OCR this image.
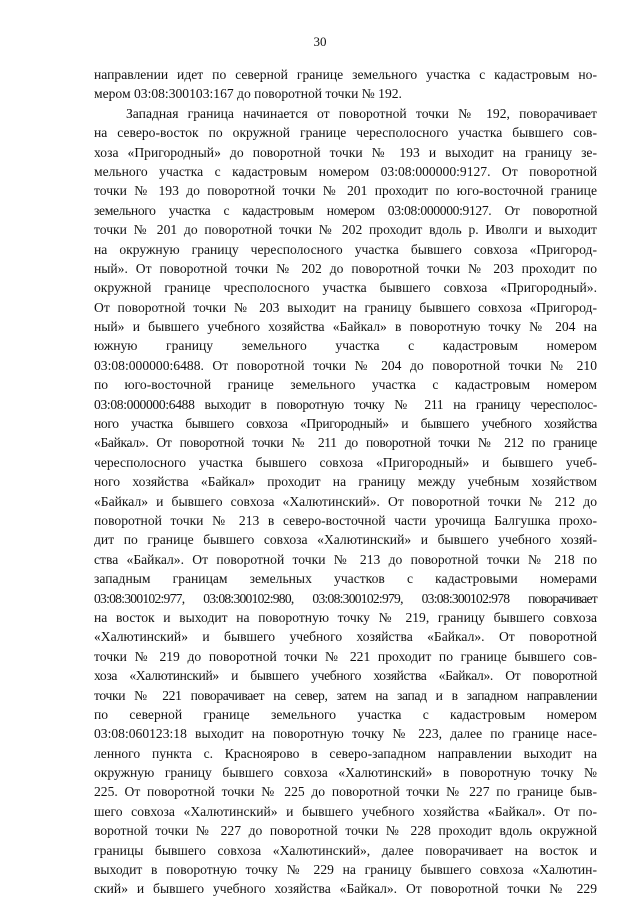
30
направлении идет по северной границе земельного участка с кадастровым но-
мером 03:08:300103:167 до поворотной точки № 192.
Западная граница начинается от поворотной точки № 192, поворачивает
на северо-восток по окружной границе чересполосного участка бывшего сов-
хоза «Пригородный» до поворотной точки № 193 и выходит на границу зе-
мельного участка с кадастровым номером 03:08:000000:9127. От поворотной
точки № 193 до поворотной точки № 201 проходит по юго-восточной границе
земельного участка с кадастровым номером 03:08:000000:9127. От поворотной
точки № 201 до поворотной точки № 202 проходит вдоль р. Иволги и выходит
на окружную границу чересполосного участка бывшего совхоза «Пригород-
ный». От поворотной точки № 202 до поворотной точки № 203 проходит по
окружной границе чресполосного участка бывшего совхоза «Пригородный».
От поворотной точки № 203 выходит на границу бывшего совхоза «Пригород-
ный» и бывшего учебного хозяйства «Байкал» в поворотную точку № 204 на
южную границу земельного участка с кадастровым номером
03:08:000000:6488. От поворотной точки № 204 до поворотной точки № 210
по юго-восточной границе земельного участка с кадастровым номером
03:08:000000:6488 выходит в поворотную точку № 211 на границу чересполос-
ного участка бывшего совхоза «Пригородный» и бывшего учебного хозяйства
«Байкал». От поворотной точки № 211 до поворотной точки № 212 по границе
чересполосного участка бывшего совхоза «Пригородный» и бывшего учеб-
ного хозяйства «Байкал» проходит на границу между учебным хозяйством
«Байкал» и бывшего совхоза «Халютинский». От поворотной точки № 212 до
поворотной точки № 213 в северо-восточной части урочища Балгушка прохо-
дит по границе бывшего совхоза «Халютинский» и бывшего учебного хозяй-
ства «Байкал». От поворотной точки № 213 до поворотной точки № 218 по
западным границам земельных участков с кадастровыми номерами
03:08:300102:977, 03:08:300102:980, 03:08:300102:979, 03:08:300102:978 поворачивает
на восток и выходит на поворотную точку № 219, границу бывшего совхоза
«Халютинский» и бывшего учебного хозяйства «Байкал». От поворотной
точки № 219 до поворотной точки № 221 проходит по границе бывшего сов-
хоза «Халютинский» и бывшего учебного хозяйства «Байкал». От поворотной
точки № 221 поворачивает на север, затем на запад и в западном направлении
по северной границе земельного участка с кадастровым номером
03:08:060123:18 выходит на поворотную точку № 223, далее по границе насе-
ленного пункта с. Красноярово в северо-западном направлении выходит на
окружную границу бывшего совхоза «Халютинский» в поворотную точку №
225. От поворотной точки № 225 до поворотной точки № 227 по границе быв-
шего совхоза «Халютинский» и бывшего учебного хозяйства «Байкал». От по-
воротной точки № 227 до поворотной точки № 228 проходит вдоль окружной
границы бывшего совхоза «Халютинский», далее поворачивает на восток и
выходит в поворотную точку № 229 на границу бывшего совхоза «Халютин-
ский» и бывшего учебного хозяйства «Байкал». От поворотной точки № 229
